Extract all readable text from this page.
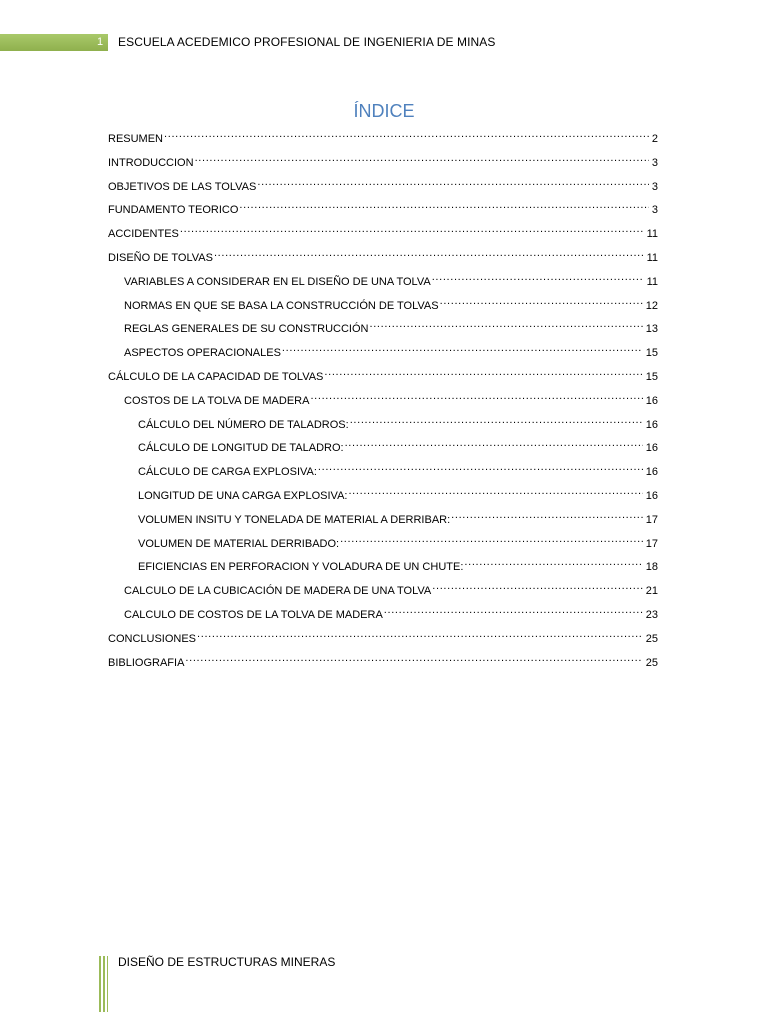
1	ESCUELA ACEDEMICO PROFESIONAL DE INGENIERIA DE MINAS
ÍNDICE
RESUMEN . . .	2
INTRODUCCION . . .	3
OBJETIVOS DE LAS TOLVAS . . .	3
FUNDAMENTO TEORICO . . .	3
ACCIDENTES . . .	11
DISEÑO DE TOLVAS . . .	11
VARIABLES A CONSIDERAR EN EL DISEÑO DE UNA TOLVA . . .	11
NORMAS EN QUE SE BASA LA CONSTRUCCIÓN DE TOLVAS . . .	12
REGLAS GENERALES DE SU CONSTRUCCIÓN . . .	13
ASPECTOS OPERACIONALES . . .	15
CÁLCULO DE LA CAPACIDAD DE TOLVAS . . .	15
COSTOS DE LA TOLVA DE MADERA . . .	16
CÁLCULO DEL NÚMERO DE TALADROS: . . .	16
CÁLCULO DE LONGITUD DE TALADRO: . . .	16
CÁLCULO DE CARGA EXPLOSIVA: . . .	16
LONGITUD DE UNA CARGA EXPLOSIVA: . . .	16
VOLUMEN INSITU Y TONELADA DE MATERIAL A DERRIBAR: . . .	17
VOLUMEN DE MATERIAL DERRIBADO: . . .	17
EFICIENCIAS EN PERFORACION Y VOLADURA DE UN CHUTE: . . .	18
CALCULO DE LA CUBICACIÓN DE MADERA DE UNA TOLVA . . .	21
CALCULO DE COSTOS DE LA TOLVA DE MADERA . . .	23
CONCLUSIONES . . .	25
BIBLIOGRAFIA . . .	25
DISEÑO DE ESTRUCTURAS MINERAS
